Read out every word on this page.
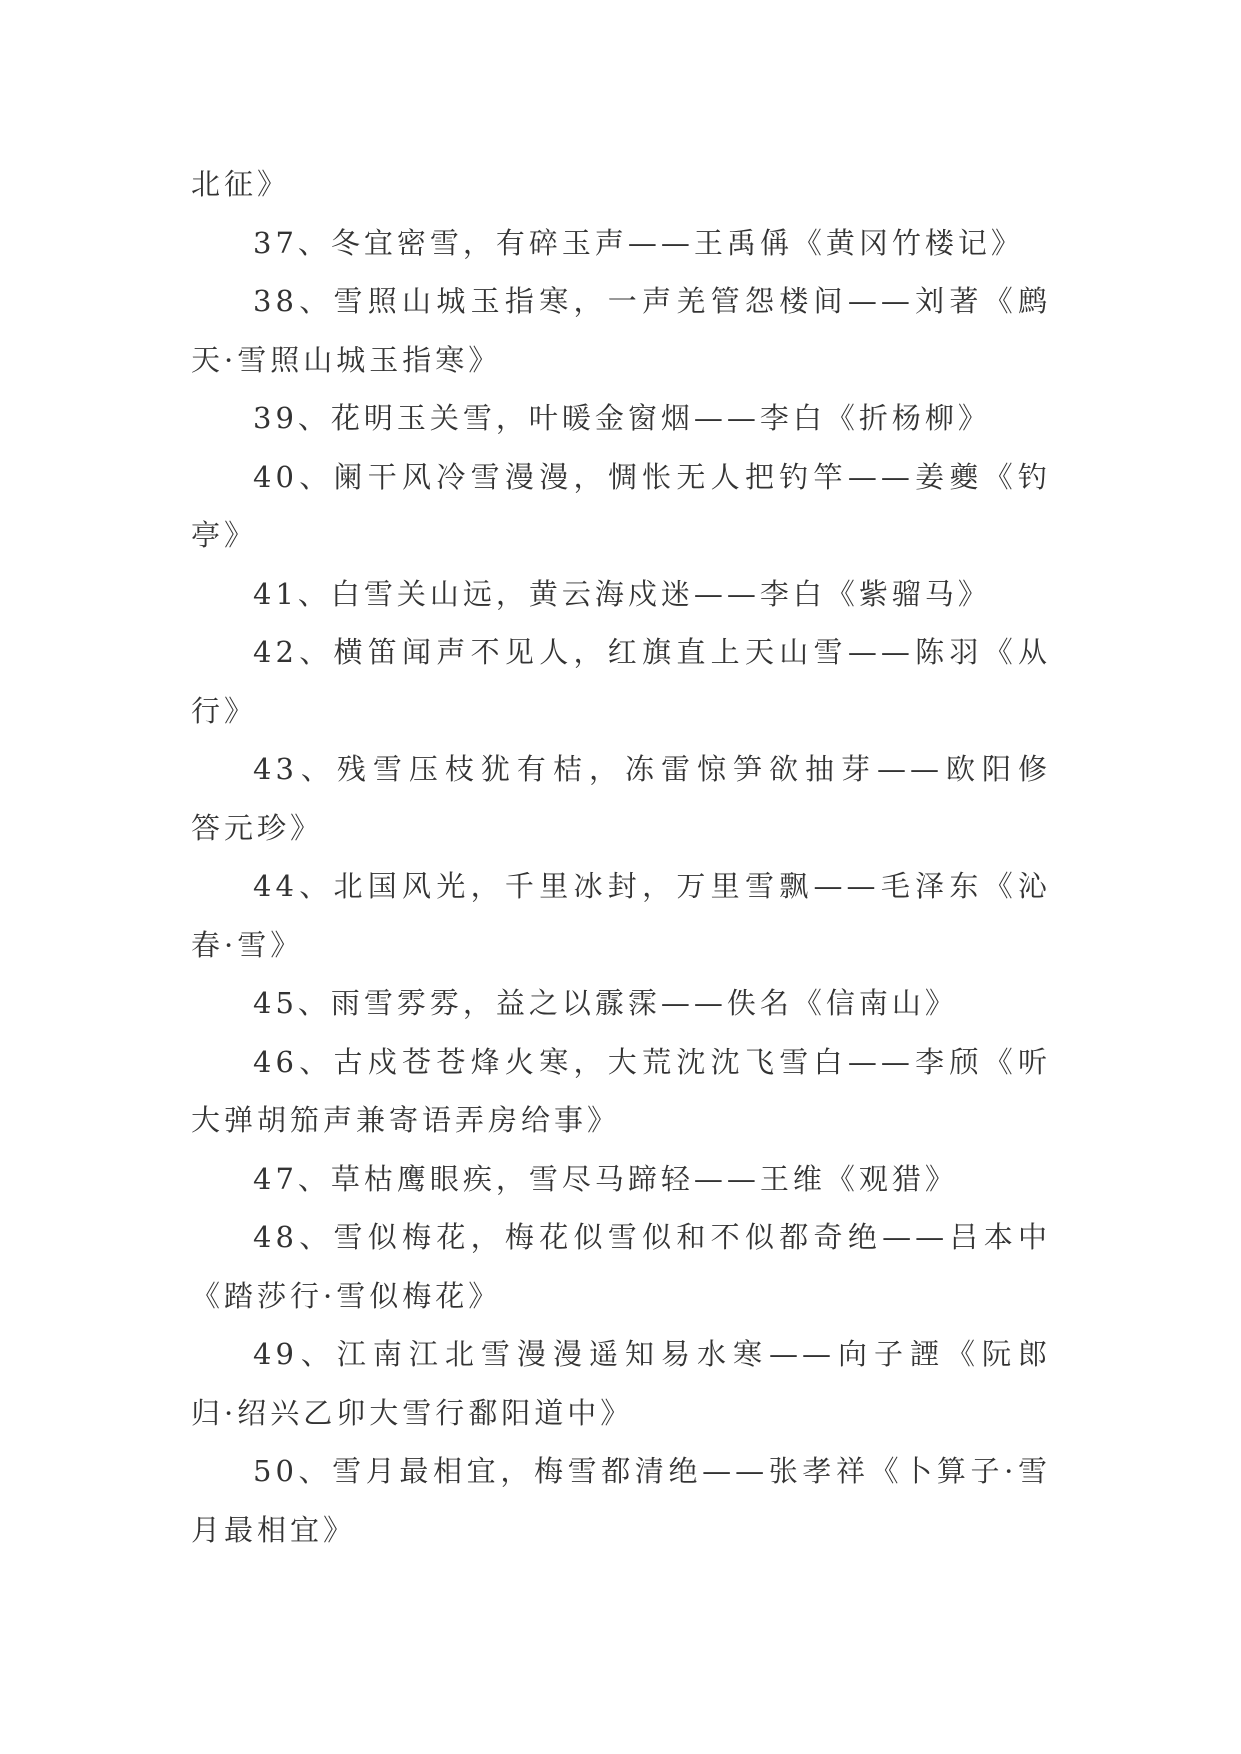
北征》
37、冬宜密雪，有碎玉声——王禹偁《黄冈竹楼记》
38、雪照山城玉指寒，一声羌管怨楼间——刘著《鹧
天·雪照山城玉指寒》
39、花明玉关雪，叶暖金窗烟——李白《折杨柳》
40、阑干风冷雪漫漫，惆怅无人把钓竿——姜夔《钓
亭》
41、白雪关山远，黄云海戍迷——李白《紫骝马》
42、横笛闻声不见人，红旗直上天山雪——陈羽《从
行》
43、残雪压枝犹有桔，冻雷惊笋欲抽芽——欧阳修
答元珍》
44、北国风光，千里冰封，万里雪飘——毛泽东《沁
春·雪》
45、雨雪雰雰，益之以霡霂——佚名《信南山》
46、古戍苍苍烽火寒，大荒沈沈飞雪白——李颀《听
大弹胡笳声兼寄语弄房给事》
47、草枯鹰眼疾，雪尽马蹄轻——王维《观猎》
48、雪似梅花，梅花似雪似和不似都奇绝——吕本中
《踏莎行·雪似梅花》
49、江南江北雪漫漫遥知易水寒——向子諲《阮郎
归·绍兴乙卯大雪行鄱阳道中》
50、雪月最相宜，梅雪都清绝——张孝祥《卜算子·雪
月最相宜》
